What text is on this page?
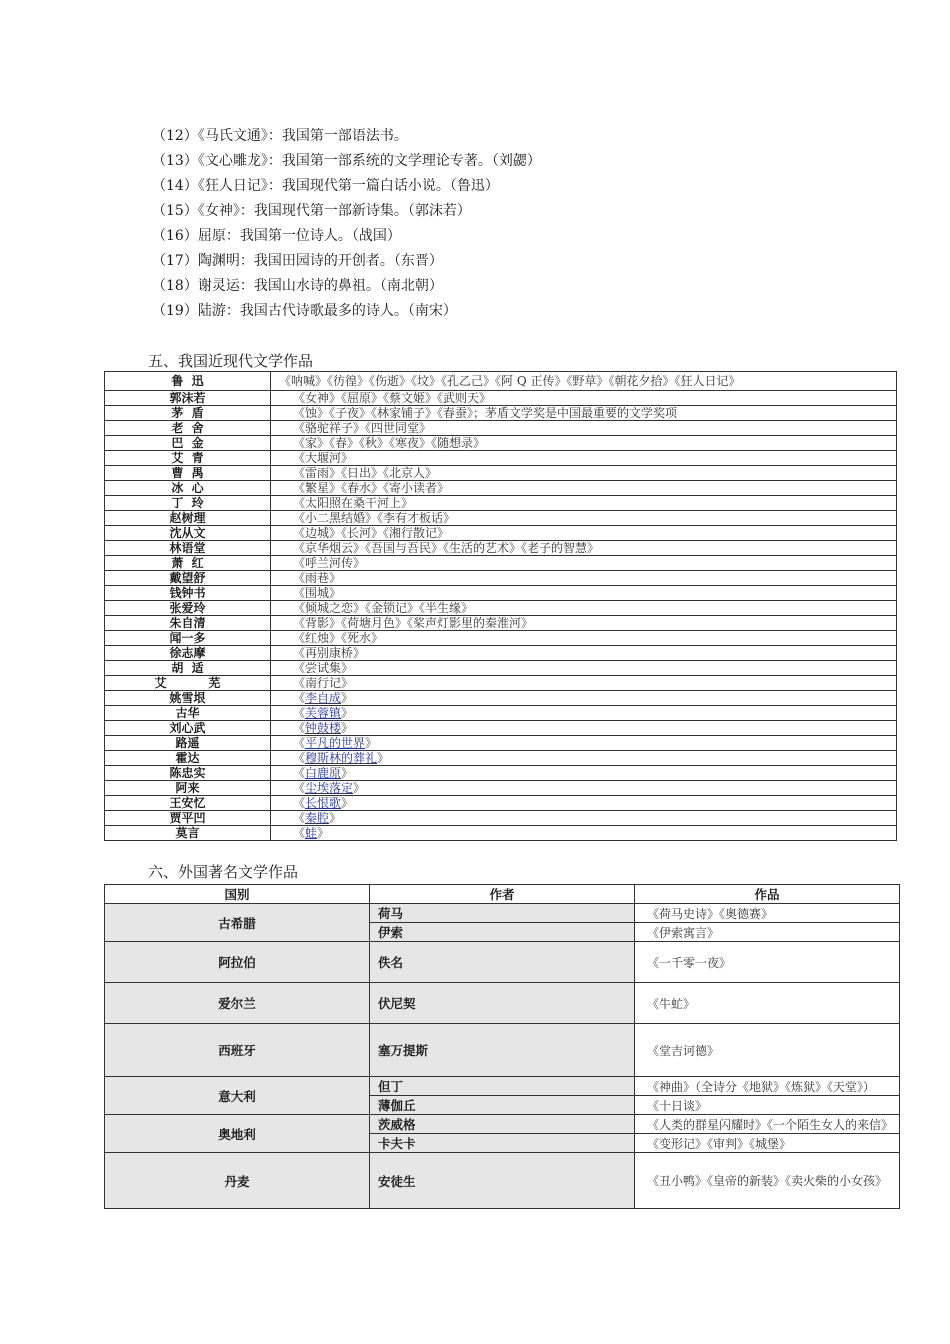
（12）《马氏文通》：我国第一部语法书。
（13）《文心雕龙》：我国第一部系统的文学理论专著。（刘勰）
（14）《狂人日记》：我国现代第一篇白话小说。（鲁迅）
（15）《女神》：我国现代第一部新诗集。（郭沫若）
（16）屈原：我国第一位诗人。（战国）
（17）陶渊明：我国田园诗的开创者。（东晋）
（18）谢灵运：我国山水诗的鼻祖。（南北朝）
（19）陆游：我国古代诗歌最多的诗人。（南宋）
五、我国近现代文学作品
鲁  迅	《呐喊》《彷徨》《伤逝》《坟》《孔乙己》《阿 Q 正传》《野草》《朝花夕拾》《狂人日记》
郭沫若	《女神》《屈原》《蔡文姬》《武则天》
茅  盾	《蚀》《子夜》《林家铺子》《春蚕》；茅盾文学奖是中国最重要的文学奖项
老  舍	《骆驼祥子》《四世同堂》
巴  金	《家》《春》《秋》《寒夜》《随想录》
艾  青	《大堰河》
曹  禺	《雷雨》《日出》《北京人》
冰  心	《繁星》《春水》《寄小读者》
丁  玲	《太阳照在桑干河上》
赵树理	《小二黑结婚》《李有才板话》
沈从文	《边城》《长河》《湘行散记》
林语堂	《京华烟云》《吾国与吾民》《生活的艺术》《老子的智慧》
萧  红	《呼兰河传》
戴望舒	《雨巷》
钱钟书	《围城》
张爱玲	《倾城之恋》《金锁记》《半生缘》
朱自清	《背影》《荷塘月色》《桨声灯影里的秦淮河》
闻一多	《红烛》《死水》
徐志摩	《再别康桥》
胡  适	《尝试集》
艾          芜	《南行记》
姚雪垠	《李自成》
古华	《芙蓉镇》
刘心武	《钟鼓楼》
路遥	《平凡的世界》
霍达	《穆斯林的葬礼》
陈忠实	《白鹿原》
阿来	《尘埃落定》
王安忆	《长恨歌》
贾平凹	《秦腔》
莫言	《蛙》
六、外国著名文学作品
国别	作者	作品
古希腊	荷马	《荷马史诗》《奥德赛》
	伊索	《伊索寓言》
阿拉伯	佚名	《一千零一夜》
爱尔兰	伏尼契	《牛虻》
西班牙	塞万提斯	《堂吉诃德》
意大利	但丁	《神曲》（全诗分《地狱》《炼狱》《天堂》）
	薄伽丘	《十日谈》
奥地利	茨威格	《人类的群星闪耀时》《一个陌生女人的来信》
	卡夫卡	《变形记》《审判》《城堡》
丹麦	安徒生	《丑小鸭》《皇帝的新装》《卖火柴的小女孩》
